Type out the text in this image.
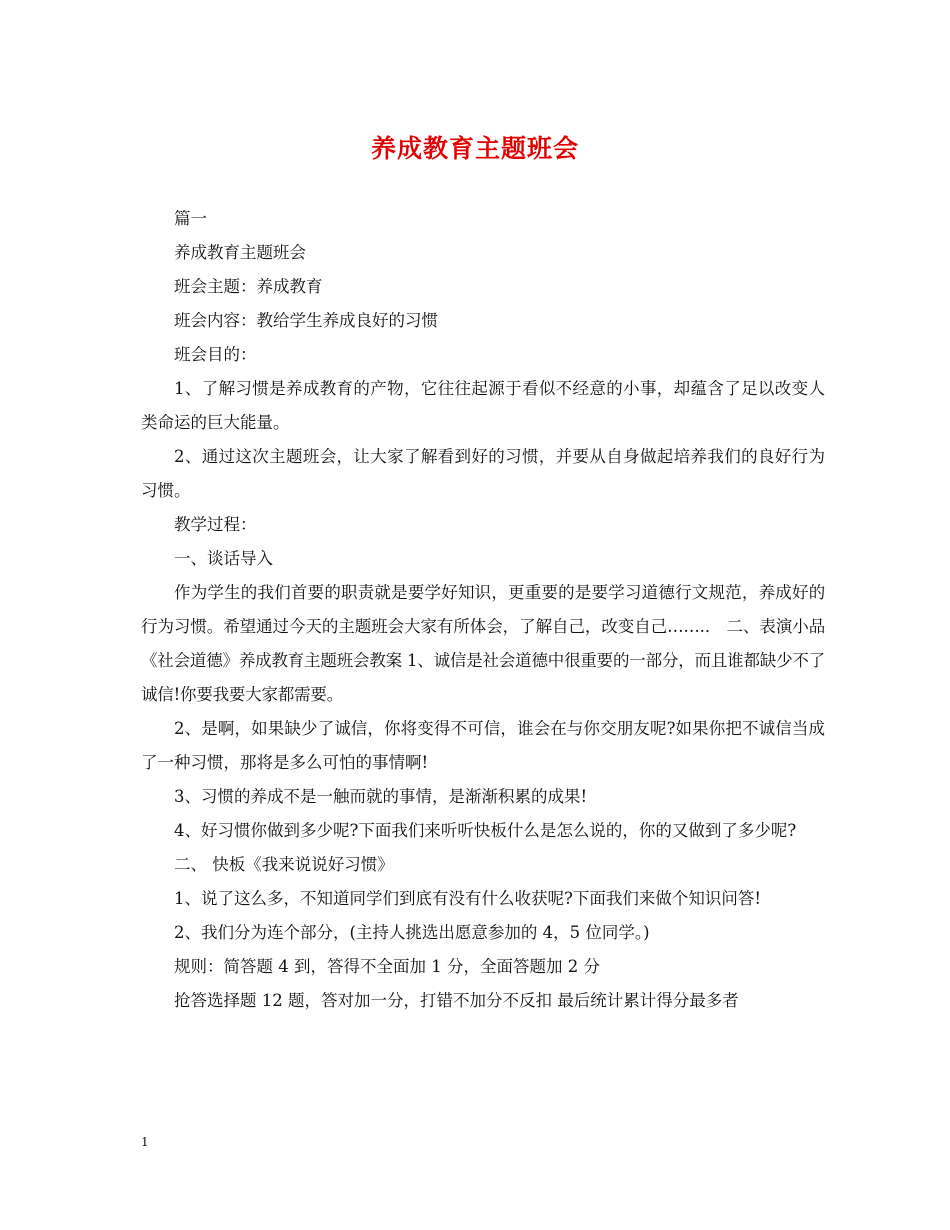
养成教育主题班会

篇一

养成教育主题班会

班会主题：养成教育

班会内容：教给学生养成良好的习惯

班会目的：

1、了解习惯是养成教育的产物，它往往起源于看似不经意的小事，却蕴含了足以改变人类命运的巨大能量。

2、通过这次主题班会，让大家了解看到好的习惯，并要从自身做起培养我们的良好行为习惯。

教学过程：

一、谈话导入

作为学生的我们首要的职责就是要学好知识，更重要的是要学习道德行文规范，养成好的行为习惯。希望通过今天的主题班会大家有所体会，了解自己，改变自己…….． 二、表演小品《社会道德》养成教育主题班会教案 1、诚信是社会道德中很重要的一部分，而且谁都缺少不了诚信!你要我要大家都需要。

2、是啊，如果缺少了诚信，你将变得不可信，谁会在与你交朋友呢?如果你把不诚信当成了一种习惯，那将是多么可怕的事情啊!

3、习惯的养成不是一触而就的事情，是渐渐积累的成果!

4、好习惯你做到多少呢?下面我们来听听快板什么是怎么说的，你的又做到了多少呢?

二、 快板《我来说说好习惯》

1、说了这么多，不知道同学们到底有没有什么收获呢?下面我们来做个知识问答!

2、我们分为连个部分，(主持人挑选出愿意参加的 4，5 位同学。)

规则：简答题 4 到，答得不全面加 1 分，全面答题加 2 分

抢答选择题 12 题，答对加一分，打错不加分不反扣 最后统计累计得分最多者

1
